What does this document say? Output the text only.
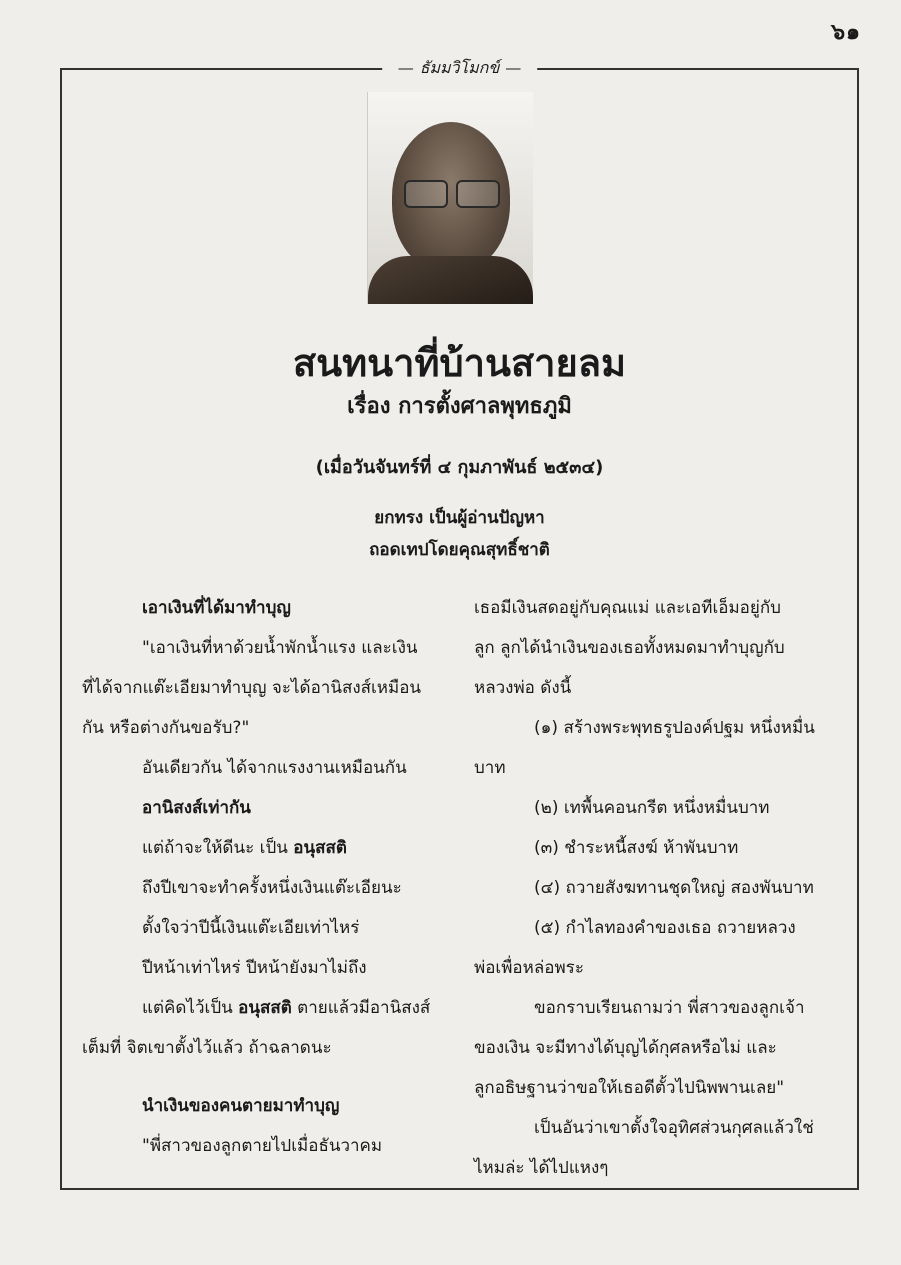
๖๑
— ธัมมวิโมกข์ —
สนทนาที่บ้านสายลม
เรื่อง การตั้งศาลพุทธภูมิ
(เมื่อวันจันทร์ที่ ๔ กุมภาพันธ์ ๒๕๓๔)
ยกทรง เป็นผู้อ่านปัญหา
ถอดเทปโดยคุณสุทธิ์ชาติ

เอาเงินที่ได้มาทำบุญ

"เอาเงินที่หาด้วยน้ำพักน้ำแรง และเงิน

ที่ได้จากแต๊ะเอียมาทำบุญ จะได้อานิสงส์เหมือน

กัน หรือต่างกันขอรับ?"

อันเดียวกัน ได้จากแรงงานเหมือนกัน

อานิสงส์เท่ากัน

แต่ถ้าจะให้ดีนะ เป็น อนุสสติ

ถึงปีเขาจะทำครั้งหนึ่งเงินแต๊ะเอียนะ

ตั้งใจว่าปีนี้เงินแต๊ะเอียเท่าไหร่

ปีหน้าเท่าไหร่ ปีหน้ายังมาไม่ถึง

แต่คิดไว้เป็น อนุสสติ ตายแล้วมีอานิสงส์

เต็มที่ จิตเขาตั้งไว้แล้ว ถ้าฉลาดนะ

นำเงินของคนตายมาทำบุญ

"พี่สาวของลูกตายไปเมื่อธันวาคม

เธอมีเงินสดอยู่กับคุณแม่ และเอทีเอ็มอยู่กับ

ลูก ลูกได้นำเงินของเธอทั้งหมดมาทำบุญกับ

หลวงพ่อ ดังนี้

(๑) สร้างพระพุทธรูปองค์ปฐม หนึ่งหมื่น

บาท

(๒) เทพื้นคอนกรีต หนึ่งหมื่นบาท

(๓) ชำระหนี้สงฆ์ ห้าพันบาท

(๔) ถวายสังฆทานชุดใหญ่ สองพันบาท

(๕) กำไลทองคำของเธอ ถวายหลวง

พ่อเพื่อหล่อพระ

ขอกราบเรียนถามว่า พี่สาวของลูกเจ้า

ของเงิน จะมีทางได้บุญได้กุศลหรือไม่ และ

ลูกอธิษฐานว่าขอให้เธอดีตั้วไปนิพพานเลย"

เป็นอันว่าเขาตั้งใจอุทิศส่วนกุศลแล้วใช่

ไหมล่ะ ได้ไปแหงๆ
